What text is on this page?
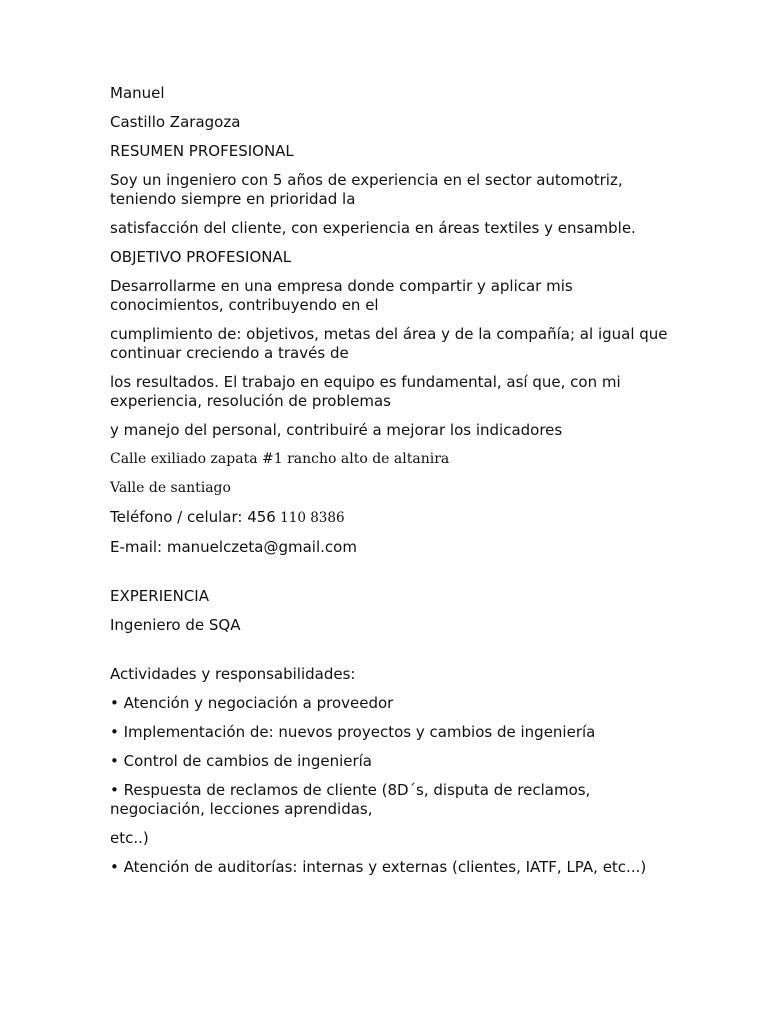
Manuel

Castillo Zaragoza

RESUMEN PROFESIONAL

Soy un ingeniero con 5 años de experiencia en el sector automotriz, teniendo siempre en prioridad la

satisfacción del cliente, con experiencia en áreas textiles y ensamble.

OBJETIVO PROFESIONAL

Desarrollarme en una empresa donde compartir y aplicar mis conocimientos, contribuyendo en el

cumplimiento de: objetivos, metas del área y de la compañía; al igual que continuar creciendo a través de

los resultados. El trabajo en equipo es fundamental, así que, con mi experiencia, resolución de problemas

y manejo del personal, contribuiré a mejorar los indicadores

Calle exiliado zapata #1 rancho alto de altanira

Valle de santiago

Teléfono / celular: 456 110 8386

E-mail: manuelczeta@gmail.com

EXPERIENCIA

Ingeniero de SQA

Actividades y responsabilidades:

• Atención y negociación a proveedor

• Implementación de: nuevos proyectos y cambios de ingeniería

• Control de cambios de ingeniería

• Respuesta de reclamos de cliente (8D´s, disputa de reclamos, negociación, lecciones aprendidas,

etc..)

• Atención de auditorías: internas y externas (clientes, IATF, LPA, etc...)
